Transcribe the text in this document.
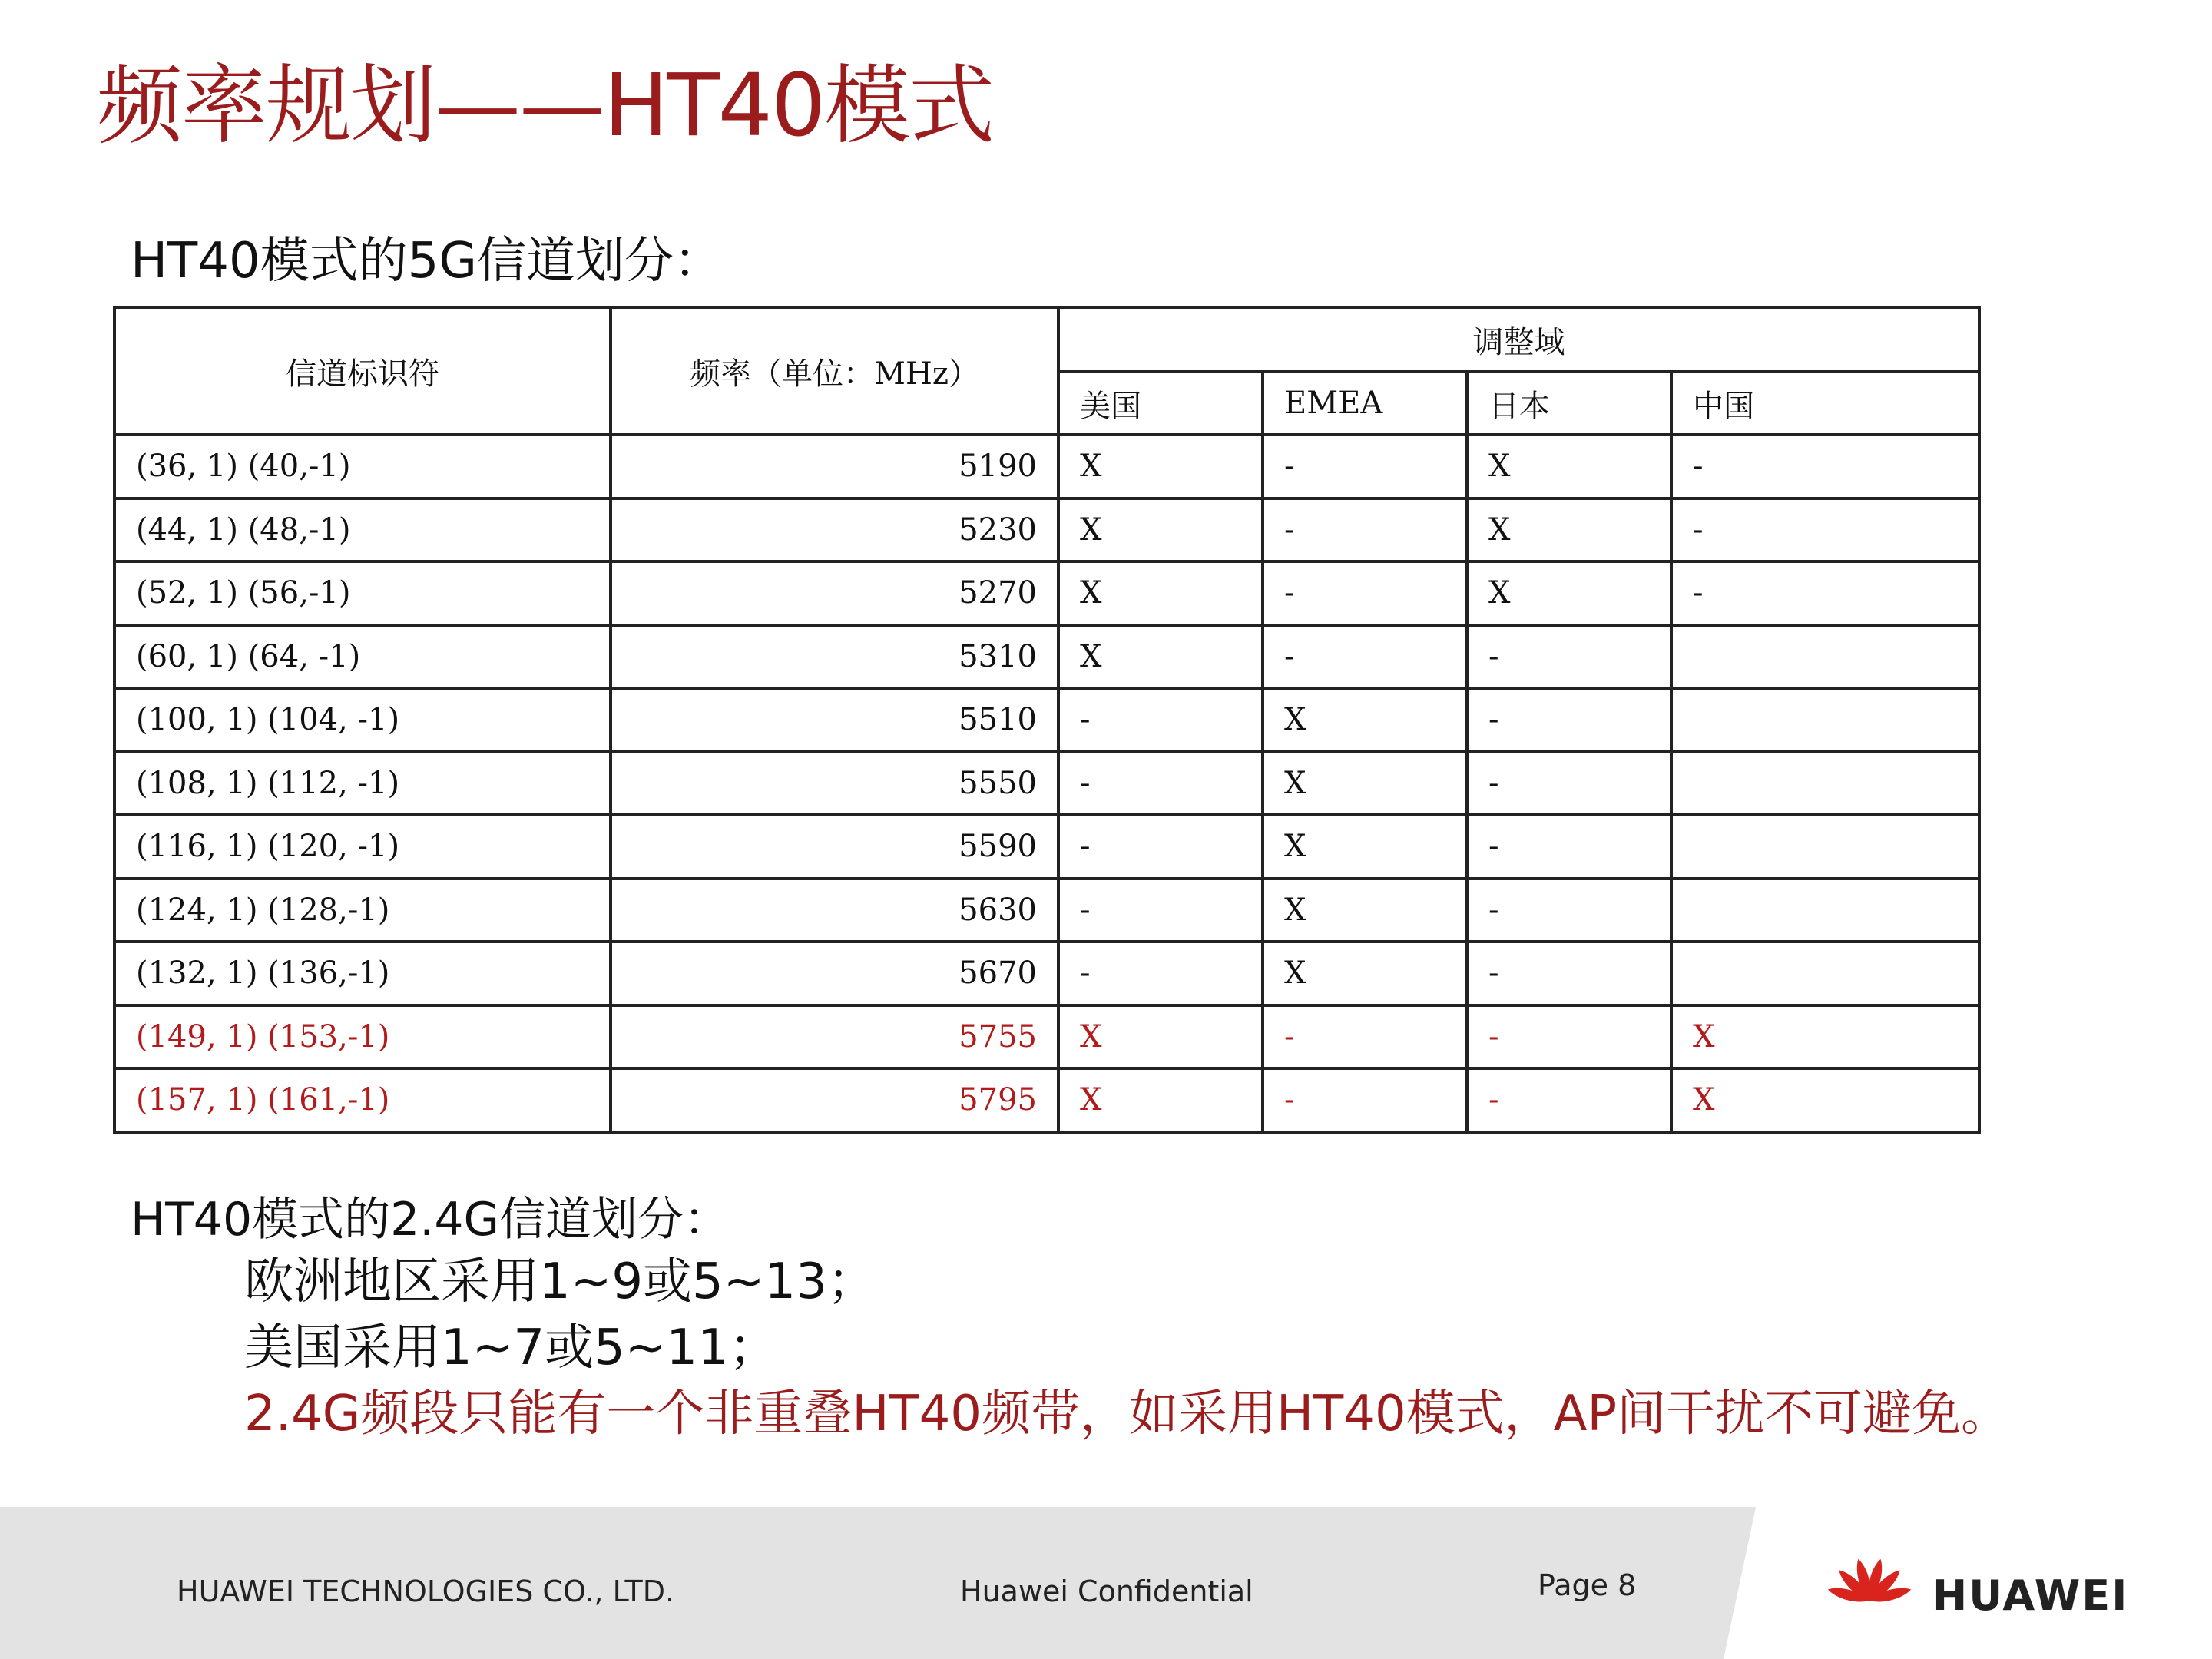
频率规划——HT40模式
HT40模式的5G信道划分：
信道标识符	频率（单位：MHz）	调整域			
		美国	EMEA	日本	中国
(36, 1) (40,-1)	5190	X	-	X	-
(44, 1) (48,-1)	5230	X	-	X	-
(52, 1) (56,-1)	5270	X	-	X	-
(60, 1) (64, -1)	5310	X	-	-	
(100, 1) (104, -1)	5510	-	X	-	
(108, 1) (112, -1)	5550	-	X	-	
(116, 1) (120, -1)	5590	-	X	-	
(124, 1) (128,-1)	5630	-	X	-	
(132, 1) (136,-1)	5670	-	X	-	
(149, 1) (153,-1)	5755	X	-	-	X
(157, 1) (161,-1)	5795	X	-	-	X
HT40模式的2.4G信道划分：
欧洲地区采用1~9或5~13；
美国采用1~7或5~11；
2.4G频段只能有一个非重叠HT40频带，如采用HT40模式，AP间干扰不可避免。
HUAWEI TECHNOLOGIES CO., LTD.	Huawei Confidential	Page 8	HUAWEI
